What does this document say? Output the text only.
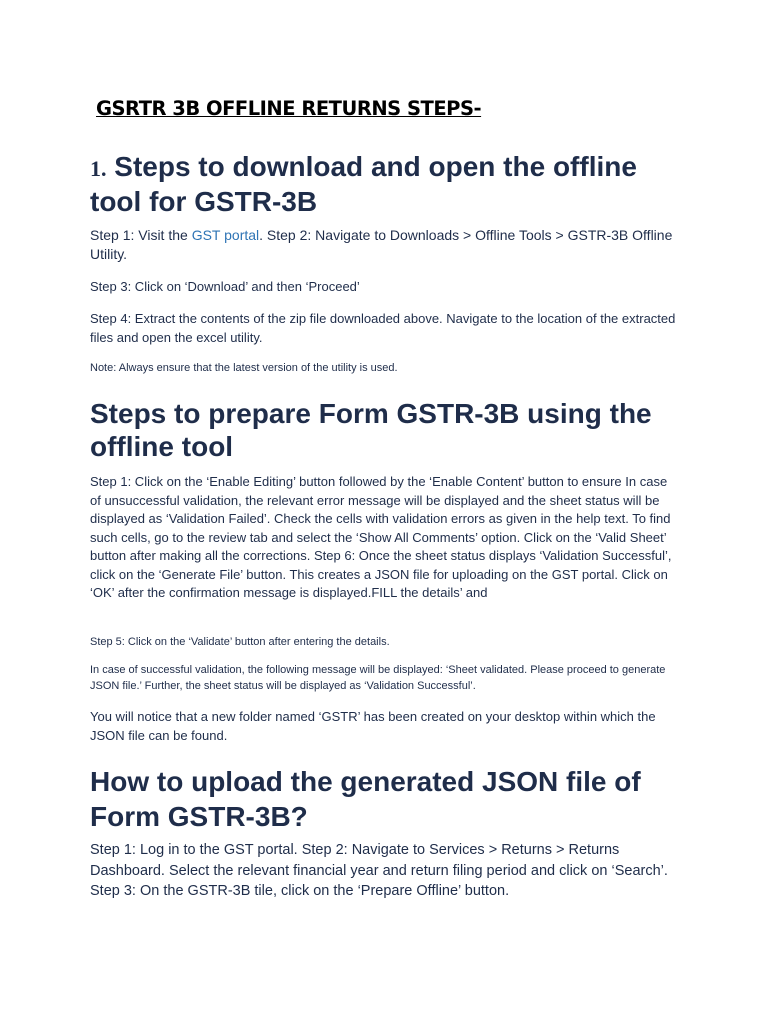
GSRTR 3B OFFLINE RETURNS STEPS-
1. Steps to download and open the offline tool for GSTR-3B

Step 1: Visit the GST portal. Step 2: Navigate to Downloads > Offline Tools > GSTR-3B Offline Utility.

Step 3: Click on ‘Download’ and then ‘Proceed’

Step 4: Extract the contents of the zip file downloaded above. Navigate to the location of the extracted files and open the excel utility.

Note: Always ensure that the latest version of the utility is used.

Steps to prepare Form GSTR-3B using the offline tool

Step 1: Click on the ‘Enable Editing’ button followed by the ‘Enable Content’ button to ensure In case of unsuccessful validation, the relevant error message will be displayed and the sheet status will be displayed as ‘Validation Failed’. Check the cells with validation errors as given in the help text. To find such cells, go to the review tab and select the ‘Show All Comments’ option. Click on the ‘Valid Sheet’ button after making all the corrections. Step 6: Once the sheet status displays ‘Validation Successful’, click on the ‘Generate File’ button. This creates a JSON file for uploading on the GST portal. Click on ‘OK’ after the confirmation message is displayed.FILL the details’ and

Step 5: Click on the ‘Validate’ button after entering the details.

In case of successful validation, the following message will be displayed: ‘Sheet validated. Please proceed to generate JSON file.’ Further, the sheet status will be displayed as ‘Validation Successful’.

You will notice that a new folder named ‘GSTR’ has been created on your desktop within which the JSON file can be found.

How to upload the generated JSON file of Form GSTR-3B?

Step 1: Log in to the GST portal. Step 2: Navigate to Services > Returns > Returns Dashboard. Select the relevant financial year and return filing period and click on ‘Search’. Step 3: On the GSTR-3B tile, click on the ‘Prepare Offline’ button.
